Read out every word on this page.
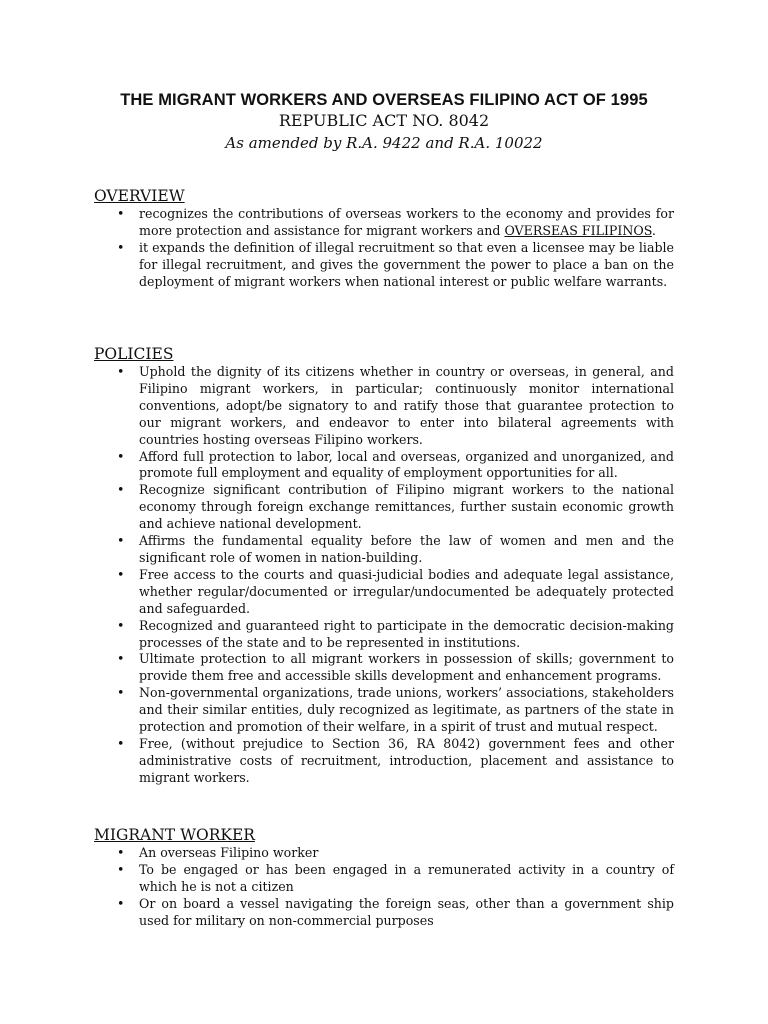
THE MIGRANT WORKERS AND OVERSEAS FILIPINO ACT OF 1995
REPUBLIC ACT NO. 8042
As amended by R.A. 9422 and R.A. 10022
OVERVIEW
• recognizes the contributions of overseas workers to the economy and provides for more protection and assistance for migrant workers and OVERSEAS FILIPINOS.
• it expands the definition of illegal recruitment so that even a licensee may be liable for illegal recruitment, and gives the government the power to place a ban on the deployment of migrant workers when national interest or public welfare warrants.
POLICIES
• Uphold the dignity of its citizens whether in country or overseas, in general, and Filipino migrant workers, in particular; continuously monitor international conventions, adopt/be signatory to and ratify those that guarantee protection to our migrant workers, and endeavor to enter into bilateral agreements with countries hosting overseas Filipino workers.
• Afford full protection to labor, local and overseas, organized and unorganized, and promote full employment and equality of employment opportunities for all.
• Recognize significant contribution of Filipino migrant workers to the national economy through foreign exchange remittances, further sustain economic growth and achieve national development.
• Affirms the fundamental equality before the law of women and men and the significant role of women in nation-building.
• Free access to the courts and quasi-judicial bodies and adequate legal assistance, whether regular/documented or irregular/undocumented be adequately protected and safeguarded.
• Recognized and guaranteed right to participate in the democratic decision-making processes of the state and to be represented in institutions.
• Ultimate protection to all migrant workers in possession of skills; government to provide them free and accessible skills development and enhancement programs.
• Non-governmental organizations, trade unions, workers’ associations, stakeholders and their similar entities, duly recognized as legitimate, as partners of the state in protection and promotion of their welfare, in a spirit of trust and mutual respect.
• Free, (without prejudice to Section 36, RA 8042) government fees and other administrative costs of recruitment, introduction, placement and assistance to migrant workers.
MIGRANT WORKER
• An overseas Filipino worker
• To be engaged or has been engaged in a remunerated activity in a country of which he is not a citizen
• Or on board a vessel navigating the foreign seas, other than a government ship used for military on non-commercial purposes
